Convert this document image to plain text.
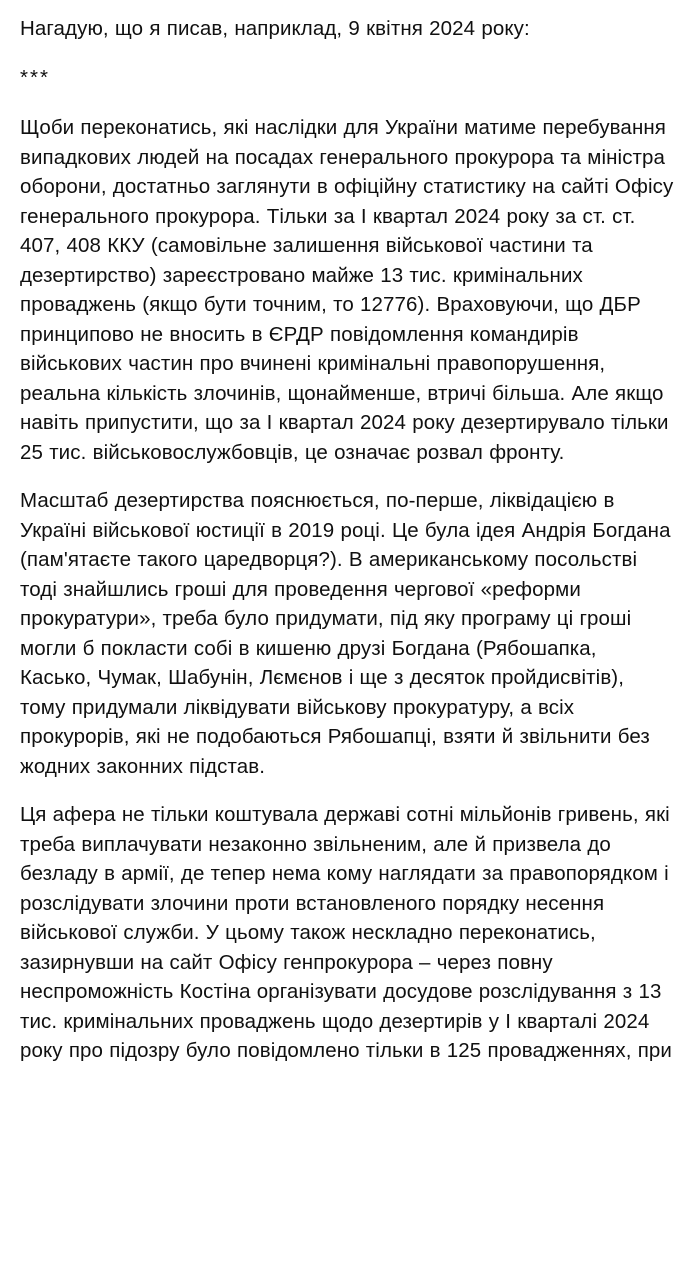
Нагадую, що я писав, наприклад, 9 квітня 2024 року:

***

Щоби переконатись, які наслідки для України матиме перебування випадкових людей на посадах генерального прокурора та міністра оборони, достатньо заглянути в офіційну статистику на сайті Офісу генерального прокурора. Тільки за I квартал 2024 року за ст. ст. 407, 408 ККУ (самовільне залишення військової частини та дезертирство) зареєстровано майже 13 тис. кримінальних проваджень (якщо бути точним, то 12776). Враховуючи, що ДБР принципово не вносить в ЄРДР повідомлення командирів військових частин про вчинені кримінальні правопорушення, реальна кількість злочинів, щонайменше, втричі більша. Але якщо навіть припустити, що за I квартал 2024 року дезертирувало тільки 25 тис. військовослужбовців, це означає розвал фронту.

Масштаб дезертирства пояснюється, по-перше, ліквідацією в Україні військової юстиції в 2019 році. Це була ідея Андрія Богдана (пам'ятаєте такого царедворця?). В американському посольстві тоді знайшлись гроші для проведення чергової «реформи прокуратури», треба було придумати, під яку програму ці гроші могли б покласти собі в кишеню друзі Богдана (Рябошапка, Касько, Чумак, Шабунін, Лємєнов і ще з десяток пройдисвітів), тому придумали ліквідувати військову прокуратуру, а всіх прокурорів, які не подобаються Рябошапці, взяти й звільнити без жодних законних підстав.

Ця афера не тільки коштувала державі сотні мільйонів гривень, які треба виплачувати незаконно звільненим, але й призвела до безладу в армії, де тепер нема кому наглядати за правопорядком і розслідувати злочини проти встановленого порядку несення військової служби. У цьому також нескладно переконатись, зазирнувши на сайт Офісу генпрокурора – через повну неспроможність Костіна організувати досудове розслідування з 13 тис. кримінальних проваджень щодо дезертирів у I кварталі 2024 року про підозру було повідомлено тільки в 125 провадженнях, при
